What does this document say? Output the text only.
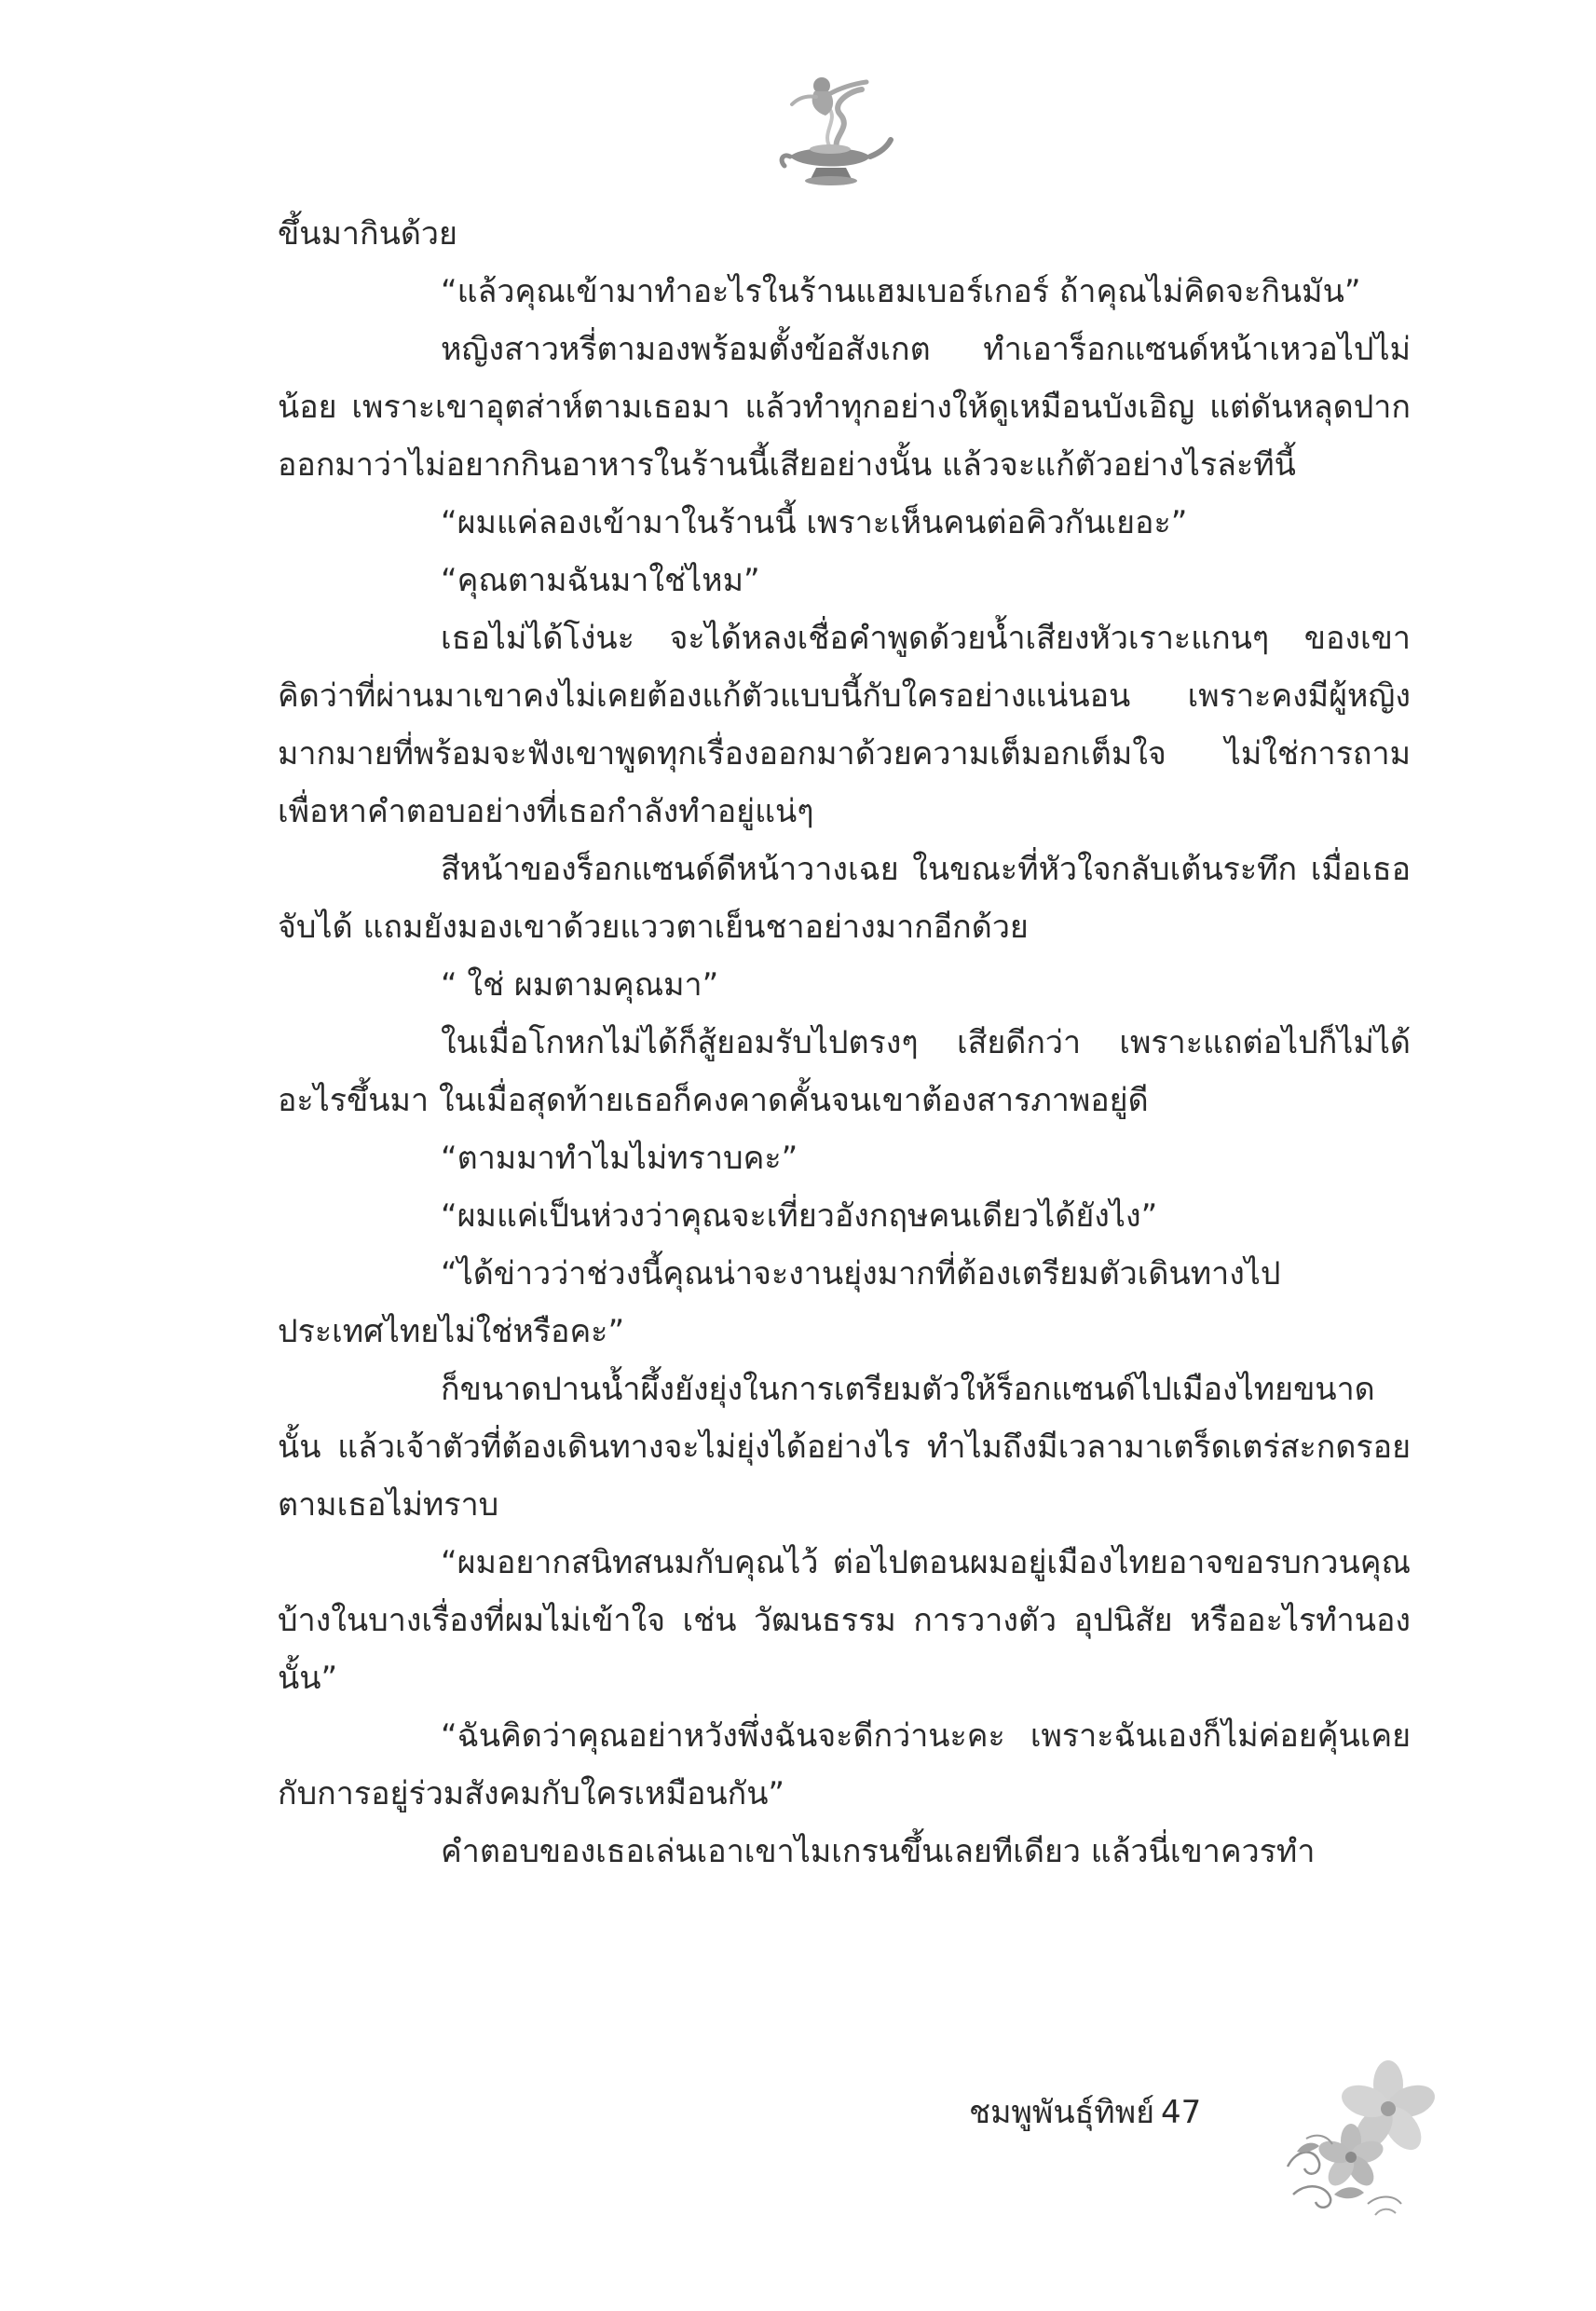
ขึ้นมากินด้วย

“แล้วคุณเข้ามาทำอะไรในร้านแฮมเบอร์เกอร์ ถ้าคุณไม่คิดจะกินมัน”

หญิงสาวหรี่ตามองพร้อมตั้งข้อสังเกต ทำเอาร็อกแซนด์หน้าเหวอไปไม่น้อย เพราะเขาอุตส่าห์ตามเธอมา แล้วทำทุกอย่างให้ดูเหมือนบังเอิญ แต่ดันหลุดปากออกมาว่าไม่อยากกินอาหารในร้านนี้เสียอย่างนั้น แล้วจะแก้ตัวอย่างไรล่ะทีนี้

“ผมแค่ลองเข้ามาในร้านนี้ เพราะเห็นคนต่อคิวกันเยอะ”

“คุณตามฉันมาใช่ไหม”

เธอไม่ได้โง่นะ จะได้หลงเชื่อคำพูดด้วยน้ำเสียงหัวเราะแกนๆ ของเขา คิดว่าที่ผ่านมาเขาคงไม่เคยต้องแก้ตัวแบบนี้กับใครอย่างแน่นอน เพราะคงมีผู้หญิงมากมายที่พร้อมจะฟังเขาพูดทุกเรื่องออกมาด้วยความเต็มอกเต็มใจ ไม่ใช่การถามเพื่อหาคำตอบอย่างที่เธอกำลังทำอยู่แน่ๆ

สีหน้าของร็อกแซนด์ดีหน้าวางเฉย ในขณะที่หัวใจกลับเต้นระทึก เมื่อเธอจับได้ แถมยังมองเขาด้วยแววตาเย็นชาอย่างมากอีกด้วย

“ ใช่ ผมตามคุณมา”

ในเมื่อโกหกไม่ได้ก็สู้ยอมรับไปตรงๆ เสียดีกว่า เพราะแถต่อไปก็ไม่ได้อะไรขึ้นมา ในเมื่อสุดท้ายเธอก็คงคาดคั้นจนเขาต้องสารภาพอยู่ดี

“ตามมาทำไมไม่ทราบคะ”

“ผมแค่เป็นห่วงว่าคุณจะเที่ยวอังกฤษคนเดียวได้ยังไง”

“ได้ข่าวว่าช่วงนี้คุณน่าจะงานยุ่งมากที่ต้องเตรียมตัวเดินทางไปประเทศไทยไม่ใช่หรือคะ”

ก็ขนาดปานน้ำผึ้งยังยุ่งในการเตรียมตัวให้ร็อกแซนด์ไปเมืองไทยขนาดนั้น แล้วเจ้าตัวที่ต้องเดินทางจะไม่ยุ่งได้อย่างไร ทำไมถึงมีเวลามาเตร็ดเตร่สะกดรอยตามเธอไม่ทราบ

“ผมอยากสนิทสนมกับคุณไว้ ต่อไปตอนผมอยู่เมืองไทยอาจขอรบกวนคุณบ้างในบางเรื่องที่ผมไม่เข้าใจ เช่น วัฒนธรรม การวางตัว อุปนิสัย หรืออะไรทำนองนั้น”

“ฉันคิดว่าคุณอย่าหวังพึ่งฉันจะดีกว่านะคะ เพราะฉันเองก็ไม่ค่อยคุ้นเคยกับการอยู่ร่วมสังคมกับใครเหมือนกัน”

คำตอบของเธอเล่นเอาเขาไมเกรนขึ้นเลยทีเดียว แล้วนี่เขาควรทำ

ชมพูพันธุ์ทิพย์ 47
